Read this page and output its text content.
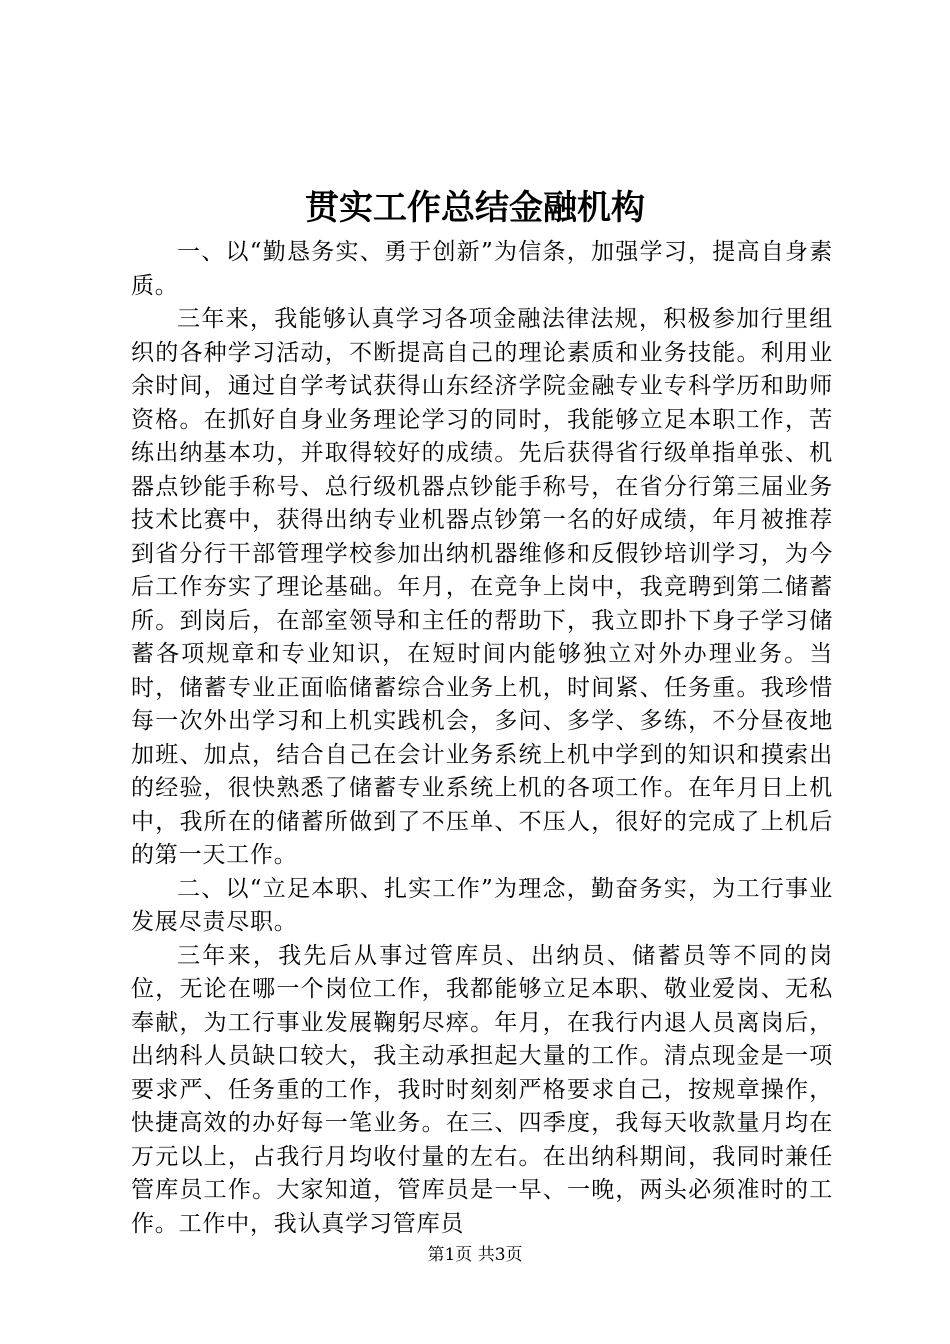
贯实工作总结金融机构

一、以“勤恳务实、勇于创新”为信条，加强学习，提高自身素质。

三年来，我能够认真学习各项金融法律法规，积极参加行里组织的各种学习活动，不断提高自己的理论素质和业务技能。利用业余时间，通过自学考试获得山东经济学院金融专业专科学历和助师资格。在抓好自身业务理论学习的同时，我能够立足本职工作，苦练出纳基本功，并取得较好的成绩。先后获得省行级单指单张、机器点钞能手称号、总行级机器点钞能手称号，在省分行第三届业务技术比赛中，获得出纳专业机器点钞第一名的好成绩，年月被推荐到省分行干部管理学校参加出纳机器维修和反假钞培训学习，为今后工作夯实了理论基础。年月，在竞争上岗中，我竞聘到第二储蓄所。到岗后，在部室领导和主任的帮助下，我立即扑下身子学习储蓄各项规章和专业知识，在短时间内能够独立对外办理业务。当时，储蓄专业正面临储蓄综合业务上机，时间紧、任务重。我珍惜每一次外出学习和上机实践机会，多问、多学、多练，不分昼夜地加班、加点，结合自己在会计业务系统上机中学到的知识和摸索出的经验，很快熟悉了储蓄专业系统上机的各项工作。在年月日上机中，我所在的储蓄所做到了不压单、不压人，很好的完成了上机后的第一天工作。

二、以“立足本职、扎实工作”为理念，勤奋务实，为工行事业发展尽责尽职。

三年来，我先后从事过管库员、出纳员、储蓄员等不同的岗位，无论在哪一个岗位工作，我都能够立足本职、敬业爱岗、无私奉献，为工行事业发展鞠躬尽瘁。年月，在我行内退人员离岗后，出纳科人员缺口较大，我主动承担起大量的工作。清点现金是一项要求严、任务重的工作，我时时刻刻严格要求自己，按规章操作，快捷高效的办好每一笔业务。在三、四季度，我每天收款量月均在万元以上，占我行月均收付量的左右。在出纳科期间，我同时兼任管库员工作。大家知道，管库员是一早、一晚，两头必须准时的工作。工作中，我认真学习管库员

第1页 共3页
